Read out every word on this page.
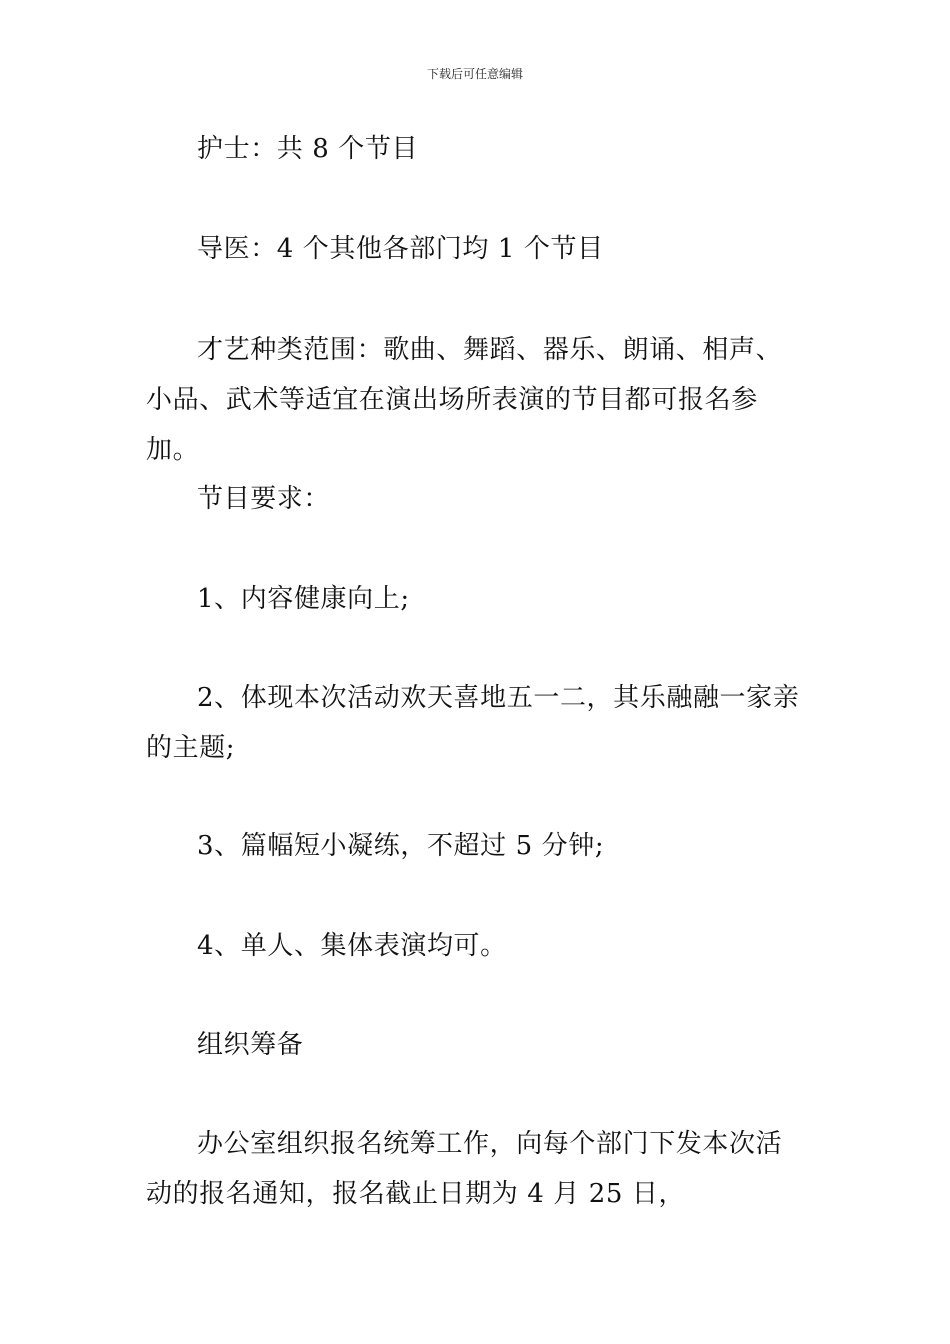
下载后可任意编辑

护士：共 8 个节目

导医：4 个其他各部门均 1 个节目

才艺种类范围：歌曲、舞蹈、器乐、朗诵、相声、小品、武术等适宜在演出场所表演的节目都可报名参加。

节目要求：

1、内容健康向上;

2、体现本次活动欢天喜地五一二，其乐融融一家亲的主题;

3、篇幅短小凝练，不超过 5 分钟;

4、单人、集体表演均可。

组织筹备

办公室组织报名统筹工作，向每个部门下发本次活动的报名通知，报名截止日期为 4 月 25 日，
